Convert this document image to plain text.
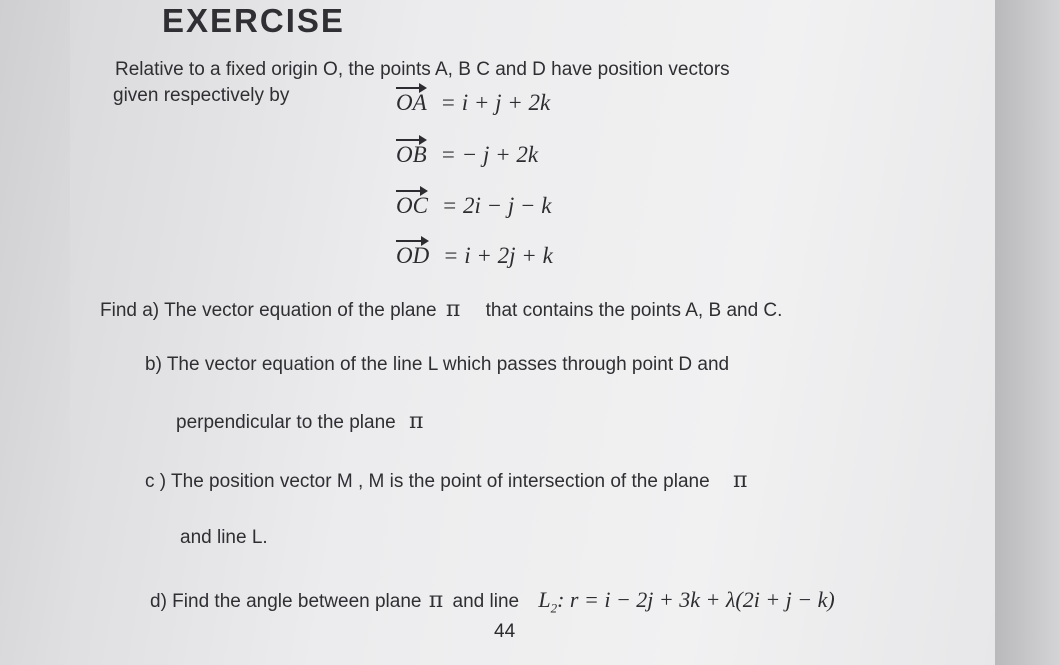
EXERCISE
Relative to a fixed origin O, the points A, B C and D have position vectors
given respectively by	OA = i + j + 2k
OB = − j + 2k
OC = 2i − j − k
OD = i + 2j + k
Find a) The vector equation of the plane π that contains the points A, B and C.
b) The vector equation of the line L which passes through point D and
perpendicular to the plane π
c ) The position vector M , M is the point of intersection of the plane π
and line L.
d) Find the angle between plane π and line $L_2$: r = i − 2j + 3k + λ(2i + j − k)
44
